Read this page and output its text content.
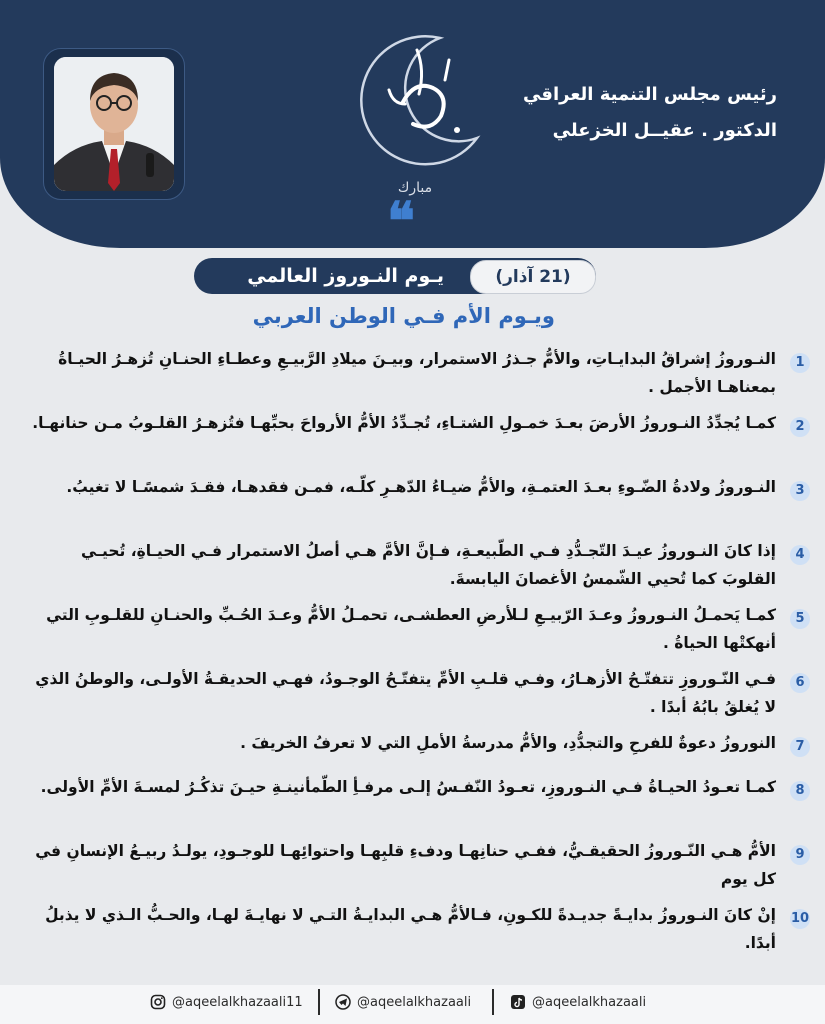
مبارك
❝
رئيس مجلس التنمية العراقي
الدكتور . عقيــل الخزعلي
يـوم النـوروز العالمي	(21 آذار)
ويـوم الأم فـي الوطن العربي
1
النـوروزُ إشراقُ البدايـاتِ، والأمُّ جـذرُ الاستمرار، وبيـنَ ميلادِ الرَّبيـعِ وعطـاءِ الحنـانِ تُزهـرُ الحيـاةُ بمعناهـا الأجمل .
2
كمـا يُجدِّدُ النـوروزُ الأرضَ بعـدَ خمـولِ الشتـاءِ، تُجـدِّدُ الأمُّ الأرواحَ بحبِّهـا فتُزهـرُ القلـوبُ مـن حنانهـا.
3
النـوروزُ ولادةُ الضّـوءِ بعـدَ العتمـةِ، والأمُّ ضيـاءُ الدّهـرِ كلّـه، فمـن فقدهـا، فقـدَ شمسًـا لا تغيبُ.
4
إذا كانَ النـوروزُ عيـدَ التّجـدُّدِ فـي الطّبيعـةِ، فـإنَّ الأمَّ هـي أصلُ الاستمرار فـي الحيـاةِ، تُحيـي القلوبَ كما تُحيي الشّمسُ الأغصانَ اليابسةَ.
5
كمـا يَحمـلُ النـوروزُ وعـدَ الرّبيـعِ لـلأرضِ العطشـى، تحمـلُ الأمُّ وعـدَ الحُـبِّ والحنـانِ للقلـوبِ التي أنهكتْها الحياةُ .
6
فـي النّـوروزِ تتفتّـحُ الأزهـارُ، وفـي قلـبِ الأمِّ يتفتّـحُ الوجـودُ، فهـي الحديقـةُ الأولـى، والوطنُ الذي لا يُغلقُ بابُهُ أبدًا .
7
النوروزُ دعوةٌ للفرحِ والتجدُّدِ، والأمُّ مدرسةُ الأملِ التي لا تعرفُ الخريفَ .
8
كمـا تعـودُ الحيـاةُ فـي النـوروزِ، تعـودُ النّفـسُ إلـى مرفـأِ الطّمأنينـةِ حيـنَ تذكُـرُ لمسـةَ الأمِّ الأولى.
9
الأمُّ هـي النّـوروزُ الحقيقـيُّ، ففـي حنانِهـا ودفءِ قلبِهـا واحتوائِهـا للوجـودِ، يولـدُ ربيـعُ الإنسانِ في كل يوم
10
إنْ كانَ النـوروزُ بدايـةً جديـدةً للكـونِ، فـالأمُّ هـي البدايـةُ التـي لا نهايـةَ لهـا، والحـبُّ الـذي لا يذبلُ أبدًا.
@aqeelalkhazaali11	@aqeelalkhazaali	@aqeelalkhazaali
